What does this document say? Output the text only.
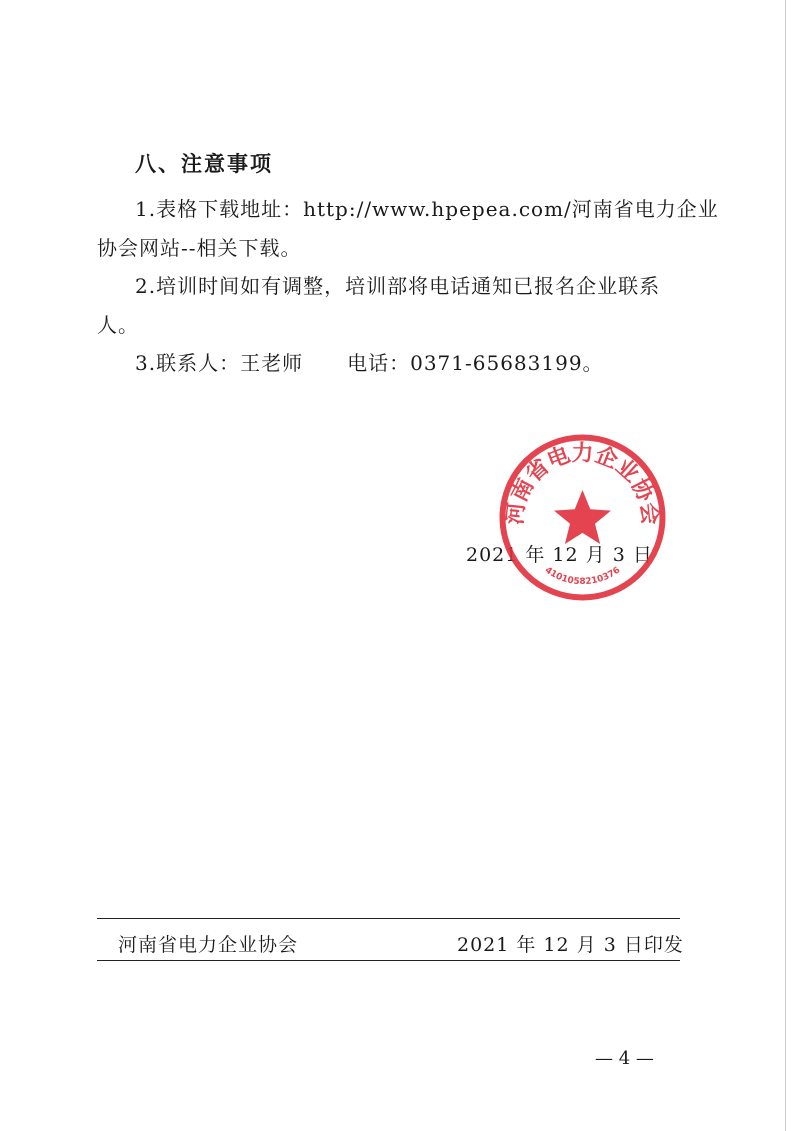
八、注意事项
1.表格下载地址：http://www.hpepea.com/河南省电力企业
协会网站--相关下载。
2.培训时间如有调整，培训部将电话通知已报名企业联系
人。
3.联系人：王老师 电话：0371-65683199。
2021 年 12 月 3 日
河南省电力企业协会
4101058210376
河南省电力企业协会	2021 年 12 月 3 日印发
— 4 —
